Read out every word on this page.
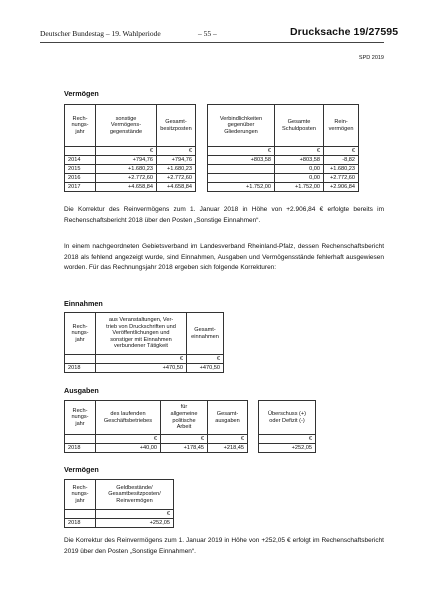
Deutscher Bundestag – 19. Wahlperiode	– 55 –	Drucksache 19/27595
SPD 2019
Vermögen
Rech-
nungs-
jahr	sonstige
Vermögens-
gegenstände	Gesamt-
besitzposten
	€	€
2014	+794,76	+794,76
2015	+1.680,23	+1.680,23
2016	+2.772,60	+2.772,60
2017	+4.658,84	+4.658,84
Verbindlichkeiten
gegenüber
Gliederungen	Gesamte
Schuldposten	Rein-
vermögen
€	€	€
+803,58	+803,58	-8,82
	0,00	+1.680,23
	0,00	+2.772,60
+1.752,00	+1.752,00	+2.906,84
Die Korrektur des Reinvermögens zum 1. Januar 2018 in Höhe von +2.906,84 € erfolgte bereits im Rechenschaftsbericht 2018 über den Posten „Sonstige Einnahmen“.
In einem nachgeordneten Gebietsverband im Landesverband Rheinland-Pfalz, dessen Rechenschaftsbericht 2018 als fehlend angezeigt wurde, sind Einnahmen, Ausgaben und Vermögensstände fehlerhaft ausgewiesen worden. Für das Rechnungsjahr 2018 ergeben sich folgende Korrekturen:
Einnahmen
Rech-
nungs-
jahr	aus Veranstaltungen, Ver-
trieb von Druckschriften und
Veröffentlichungen und
sonstiger mit Einnahmen
verbundener Tätigkeit	Gesamt-
einnahmen
	€	€
2018	+470,50	+470,50
Ausgaben
Rech-
nungs-
jahr	des laufenden
Geschäftsbetriebes	für
allgemeine
politische
Arbeit	Gesamt-
ausgaben
	€	€	€
2018	+40,00	+178,45	+218,45
Überschuss (+)
oder Defizit (-)
€
+252,05
Vermögen
Rech-
nungs-
jahr	Geldbestände/
Gesamtbesitzposten/
Reinvermögen
	€
2018	+252,05
Die Korrektur des Reinvermögens zum 1. Januar 2019 in Höhe von +252,05 € erfolgt im Rechenschaftsbericht 2019 über den Posten „Sonstige Einnahmen“.
